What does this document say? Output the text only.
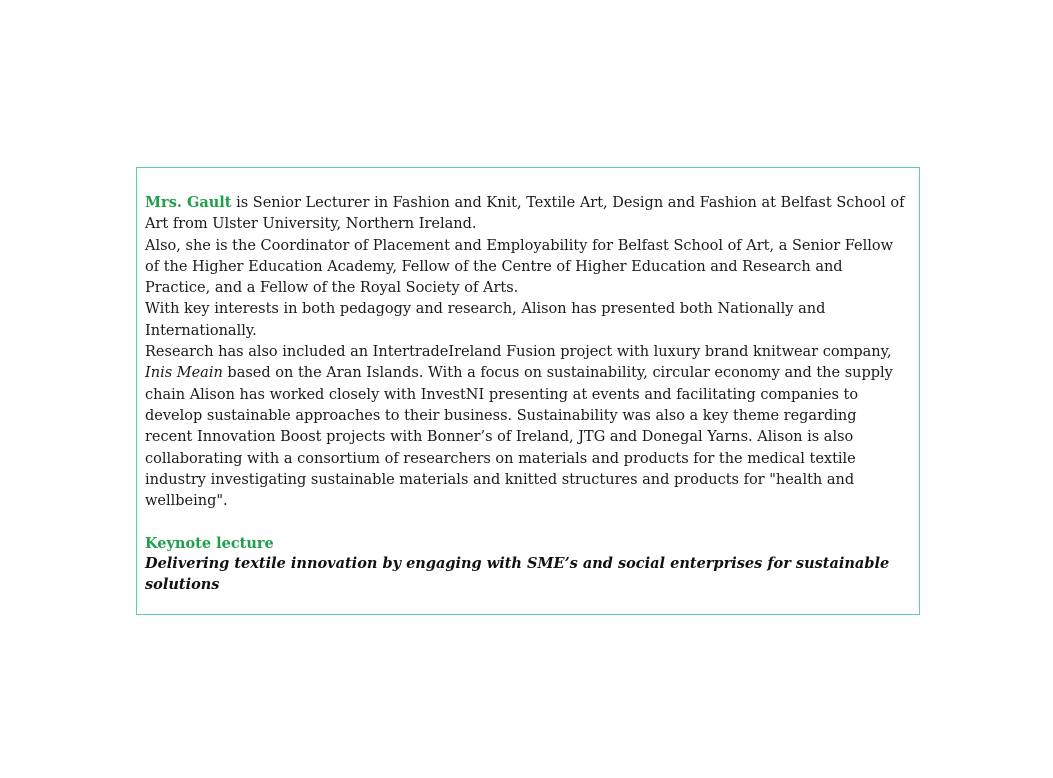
Mrs. Gault is Senior Lecturer in Fashion and Knit, Textile Art, Design and Fashion at Belfast School of Art from Ulster University, Northern Ireland.

Also, she is the Coordinator of Placement and Employability for Belfast School of Art, a Senior Fellow of the Higher Education Academy, Fellow of the Centre of Higher Education and Research and Practice, and a Fellow of the Royal Society of Arts.

With key interests in both pedagogy and research, Alison has presented both Nationally and Internationally.

Research has also included an IntertradeIreland Fusion project with luxury brand knitwear company, Inis Meain based on the Aran Islands. With a focus on sustainability, circular economy and the supply chain Alison has worked closely with InvestNI presenting at events and facilitating companies to develop sustainable approaches to their business. Sustainability was also a key theme regarding recent Innovation Boost projects with Bonner’s of Ireland, JTG and Donegal Yarns. Alison is also collaborating with a consortium of researchers on materials and products for the medical textile industry investigating sustainable materials and knitted structures and products for "health and wellbeing".

Keynote lecture

Delivering textile innovation by engaging with SME’s and social enterprises for sustainable solutions
